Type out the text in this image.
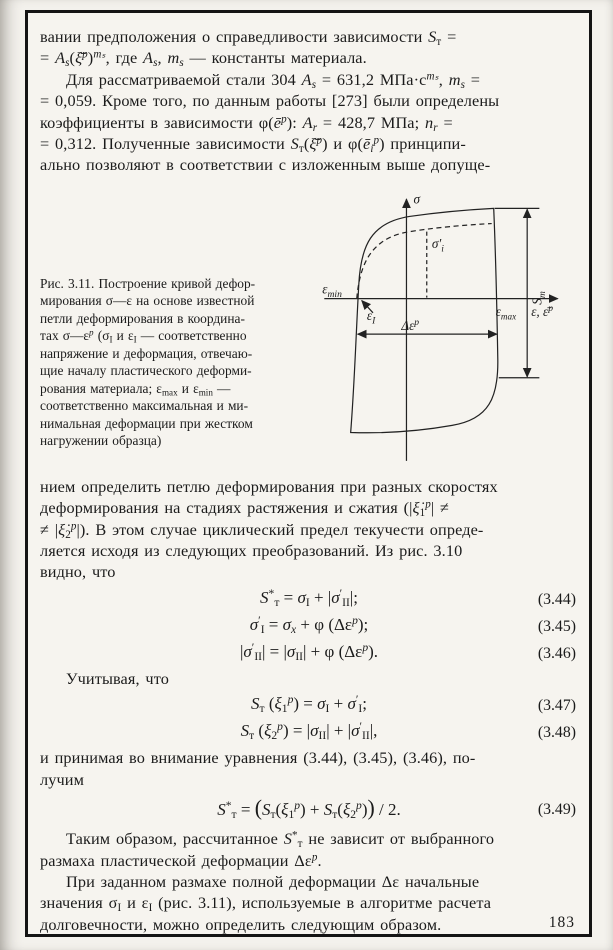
вании предположения о справедливости зависимости $S_т$ =
= $A_s(\xī^p)^{m_s}$, где $A_s$, $m_s$ — константы материала.

Для рассматриваемой стали 304 $A_s = 631,2$ $МПа\cdot с^{m_s}$, $m_s$ =
= 0,059. Кроме того, по данным работы [273] были определены
коэффициенты в зависимости $\varphi(ē^p)$: $A_r = 428,7$ МПа; $n_r$ =
= 0,312. Полученные зависимости $S_т(\xī^p)$ и $\varphi(ē_i^p)$ принципи-
ально позволяют в соответствии с изложенным выше допуще-

Рис. 3.11. Построение кривой дефор-
мирования σ—ε на основе известной
петли деформирования в координа-
тах $\sigma—\varepsilon^p$ ($\sigma_I$ и $\varepsilon_I$ — соответственно
напряжение и деформация, отвечаю-
щие началу пластического деформи-
рования материала; $\varepsilon_{max}$ и $\varepsilon_{min}$ —
соответственно максимальная и ми-
нимальная деформации при жестком
нагружении образца)
σ
$\sigma'_i$
$\varepsilon_{min}$
$\varepsilon_I$ $\Delta\varepsilon^p$
$\varepsilon_{max}$ ε, ε̄$^p$
$S_т$

нием определить петлю деформирования при разных скоростях
деформирования на стадиях растяжения и сжатия ($|\xi̇_1^p|$ ≠
≠ $|\xi̇_2^p|$). В этом случае циклический предел текучести опреде-
ляется исходя из следующих преобразований. Из рис. 3.10
видно, что

$S^*_т = \sigma_I + |\sigma'_{II}|$;	(3.44)
$\sigma'_I = \sigma_x + \varphi$ $(\Delta\varepsilon^p)$;	(3.45)
$|\sigma'_{II}| = |\sigma_{II}| + \varphi$ $(\Delta\varepsilon^p)$.	(3.46)

Учитывая, что

$S_т$ $(\xi_1^p) = \sigma_I + \sigma'_I$;	(3.47)
$S_т$ $(\xi_2^p) = |\sigma_{II}| + |\sigma'_{II}|$,	(3.48)

и принимая во внимание уравнения (3.44), (3.45), (3.46), по-
лучим

$S^*_т = (S_т(\xi_1^p) + S_т(\xi_2^p)) / 2$.	(3.49)

Таким образом, рассчитанное $S^*_т$ не зависит от выбранного
размаха пластической деформации $\Delta\varepsilon^p$.

При заданном размахе полной деформации Δε начальные
значения $\sigma_I$ и $\varepsilon_I$ (рис. 3.11), используемые в алгоритме расчета
долговечности, можно определить следующим образом.	183
